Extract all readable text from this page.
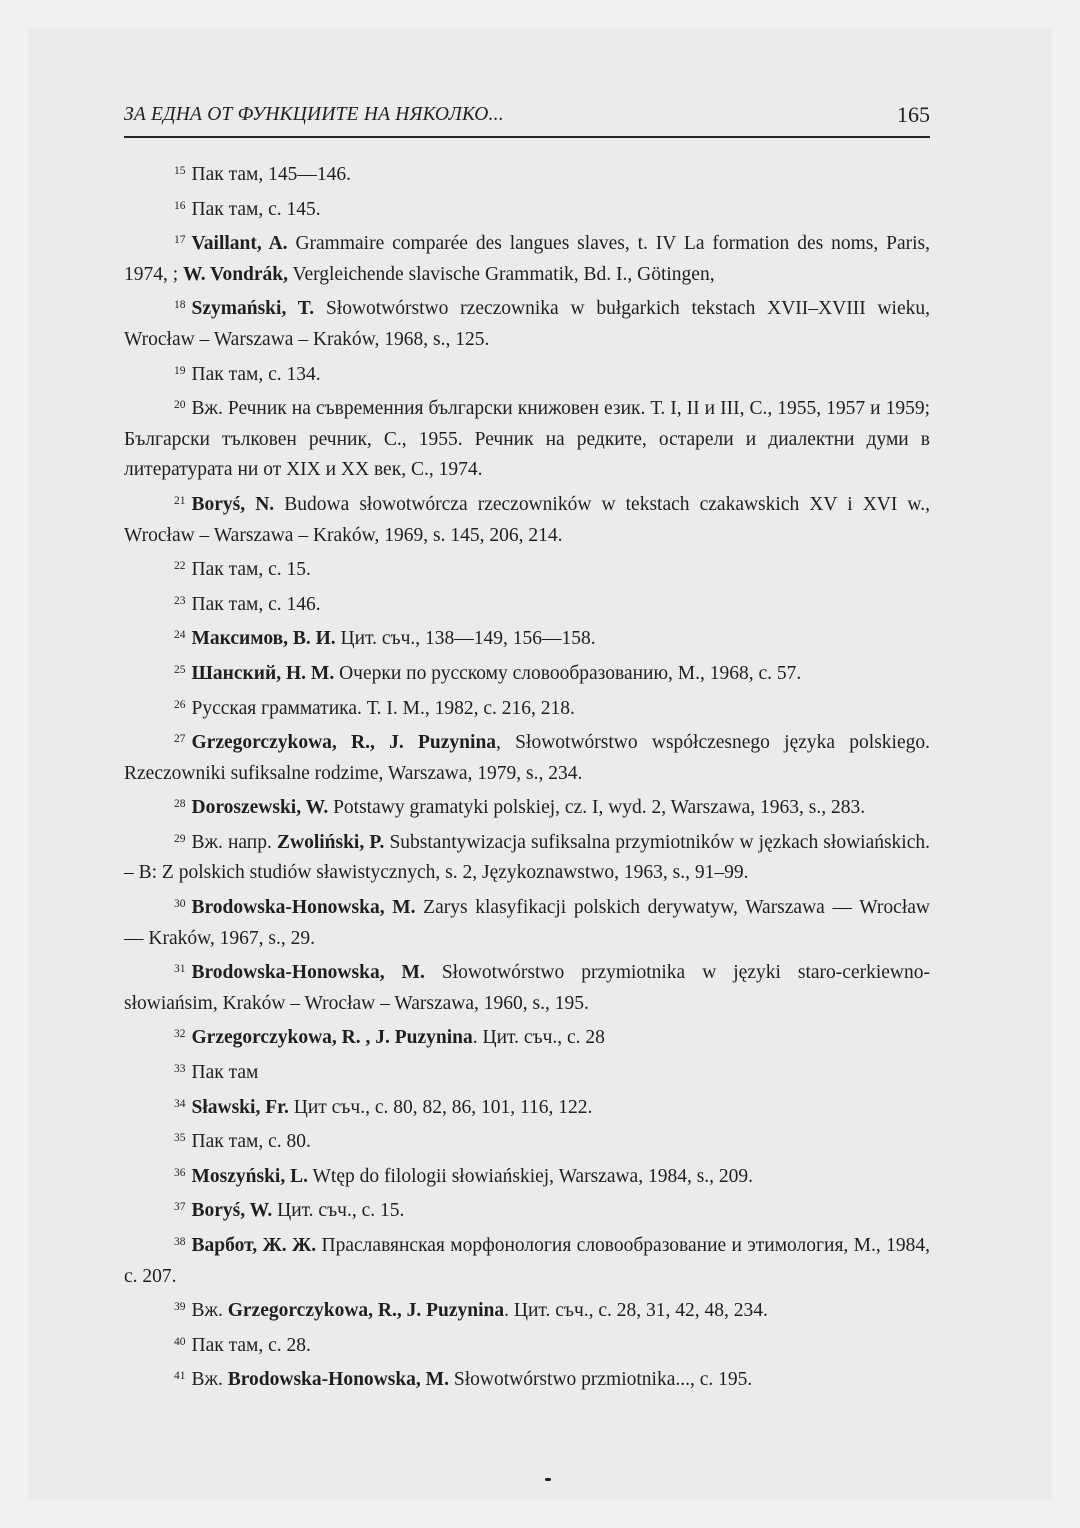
ЗА ЕДНА ОТ ФУНКЦИИТЕ НА НЯКОЛКО...	165

$^{15}$ Пак там, 145—146.

$^{16}$ Пак там, с. 145.

$^{17}$ Vaillant, A. Grammaire comparée des langues slaves, t. IV La formation des noms, Paris, 1974, ; W. Vondrák, Vergleichende slavische Grammatik, Bd. I., Götingen,

$^{18}$ Szymański, T. Słowotwórstwo rzeczownika w bułgarkich tekstach XVII–XVIII wieku, Wrocław – Warszawa – Kraków, 1968, s., 125.

$^{19}$ Пак там, с. 134.

$^{20}$ Вж. Речник на съвременния български книжовен език. Т. I, II и III, С., 1955, 1957 и 1959; Български тълковен речник, С., 1955. Речник на редките, остарели и диалектни думи в литературата ни от XIX и XX век, С., 1974.

$^{21}$ Boryś, N. Budowa słowotwórcza rzeczowników w tekstach czakawskich XV i XVI w., Wrocław – Warszawa – Kraków, 1969, s. 145, 206, 214.

$^{22}$ Пак там, с. 15.

$^{23}$ Пак там, с. 146.

$^{24}$ Максимов, В. И. Цит. съч., 138—149, 156—158.

$^{25}$ Шанский, Н. М. Очерки по русскому словообразованию, М., 1968, с. 57.

$^{26}$ Русская грамматика. Т. I. М., 1982, с. 216, 218.

$^{27}$ Grzegorczykowa, R., J. Puzynina, Słowotwórstwo współczesnego języka polskiego. Rzeczowniki sufiksalne rodzime, Warszawa, 1979, s., 234.

$^{28}$ Doroszewski, W. Potstawy gramatyki polskiej, cz. I, wyd. 2, Warszawa, 1963, s., 283.

$^{29}$ Вж. напр. Zwoliński, P. Substantywizacja sufiksalna przymiotników w jęzkach słowiańskich. – В: Z polskich studiów sławistycznych, s. 2, Językoznawstwo, 1963, s., 91–99.

$^{30}$ Brodowska-Honowska, M. Zarys klasyfikacji polskich derywatyw, Warszawa — Wrocław — Kraków, 1967, s., 29.

$^{31}$ Brodowska-Honowska, M. Słowotwórstwo przymiotnika w językі staro-cerkiewno-słowiańsim, Kraków – Wrocław – Warszawa, 1960, s., 195.

$^{32}$ Grzegorczykowa, R. , J. Puzynina. Цит. съч., с. 28

$^{33}$ Пак там

$^{34}$ Sławski, Fr. Цит съч., с. 80, 82, 86, 101, 116, 122.

$^{35}$ Пак там, с. 80.

$^{36}$ Moszyński, L. Wtęp do filologii słowiańskiej, Warszawa, 1984, s., 209.

$^{37}$ Boryś, W. Цит. съч., с. 15.

$^{38}$ Варбот, Ж. Ж. Праславянская морфонология словообразование и этимология, М., 1984, с. 207.

$^{39}$ Вж. Grzegorczykowa, R., J. Puzynina. Цит. съч., с. 28, 31, 42, 48, 234.

$^{40}$ Пак там, с. 28.

$^{41}$ Вж. Brodowska-Honowska, M. Słowotwórstwo przmiotnika..., с. 195.
